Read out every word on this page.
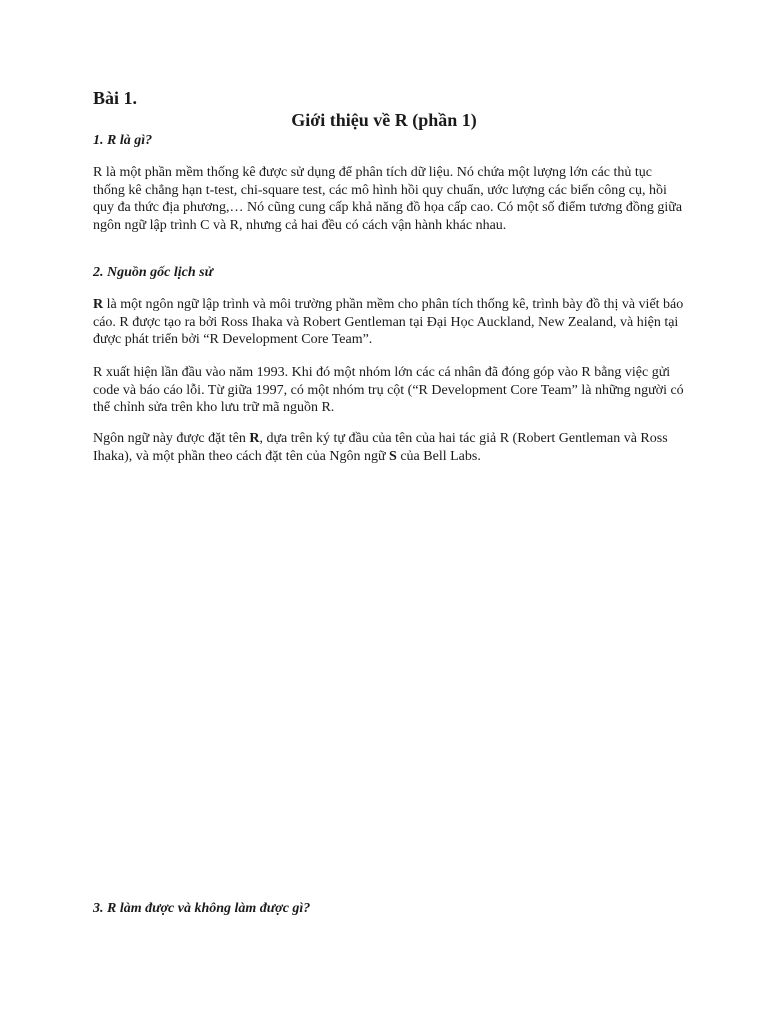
Bài 1.
Giới thiệu về R (phần 1)
1. R là gì?

R là một phần mềm thống kê được sử dụng để phân tích dữ liệu. Nó chứa một lượng lớn các thủ tục thống kê chẳng hạn t-test, chi-square test, các mô hình hồi quy chuẩn, ước lượng các biến công cụ, hồi quy đa thức địa phương,… Nó cũng cung cấp khả năng đồ họa cấp cao. Có một số điểm tương đồng giữa ngôn ngữ lập trình C và R, nhưng cả hai đều có cách vận hành khác nhau.

2. Nguồn gốc lịch sử

R là một ngôn ngữ lập trình và môi trường phần mềm cho phân tích thống kê, trình bày đồ thị và viết báo cáo. R được tạo ra bởi Ross Ihaka và Robert Gentleman tại Đại Học Auckland, New Zealand, và hiện tại được phát triển bởi “R Development Core Team”.

R xuất hiện lần đầu vào năm 1993. Khi đó một nhóm lớn các cá nhân đã đóng góp vào R bằng việc gửi code và báo cáo lỗi. Từ giữa 1997, có một nhóm trụ cột (“R Development Core Team” là những người có thể chỉnh sửa trên kho lưu trữ mã nguồn R.

Ngôn ngữ này được đặt tên R, dựa trên ký tự đầu của tên của hai tác giả R (Robert Gentleman và Ross Ihaka), và một phần theo cách đặt tên của Ngôn ngữ S của Bell Labs.

3. R làm được và không làm được gì?
